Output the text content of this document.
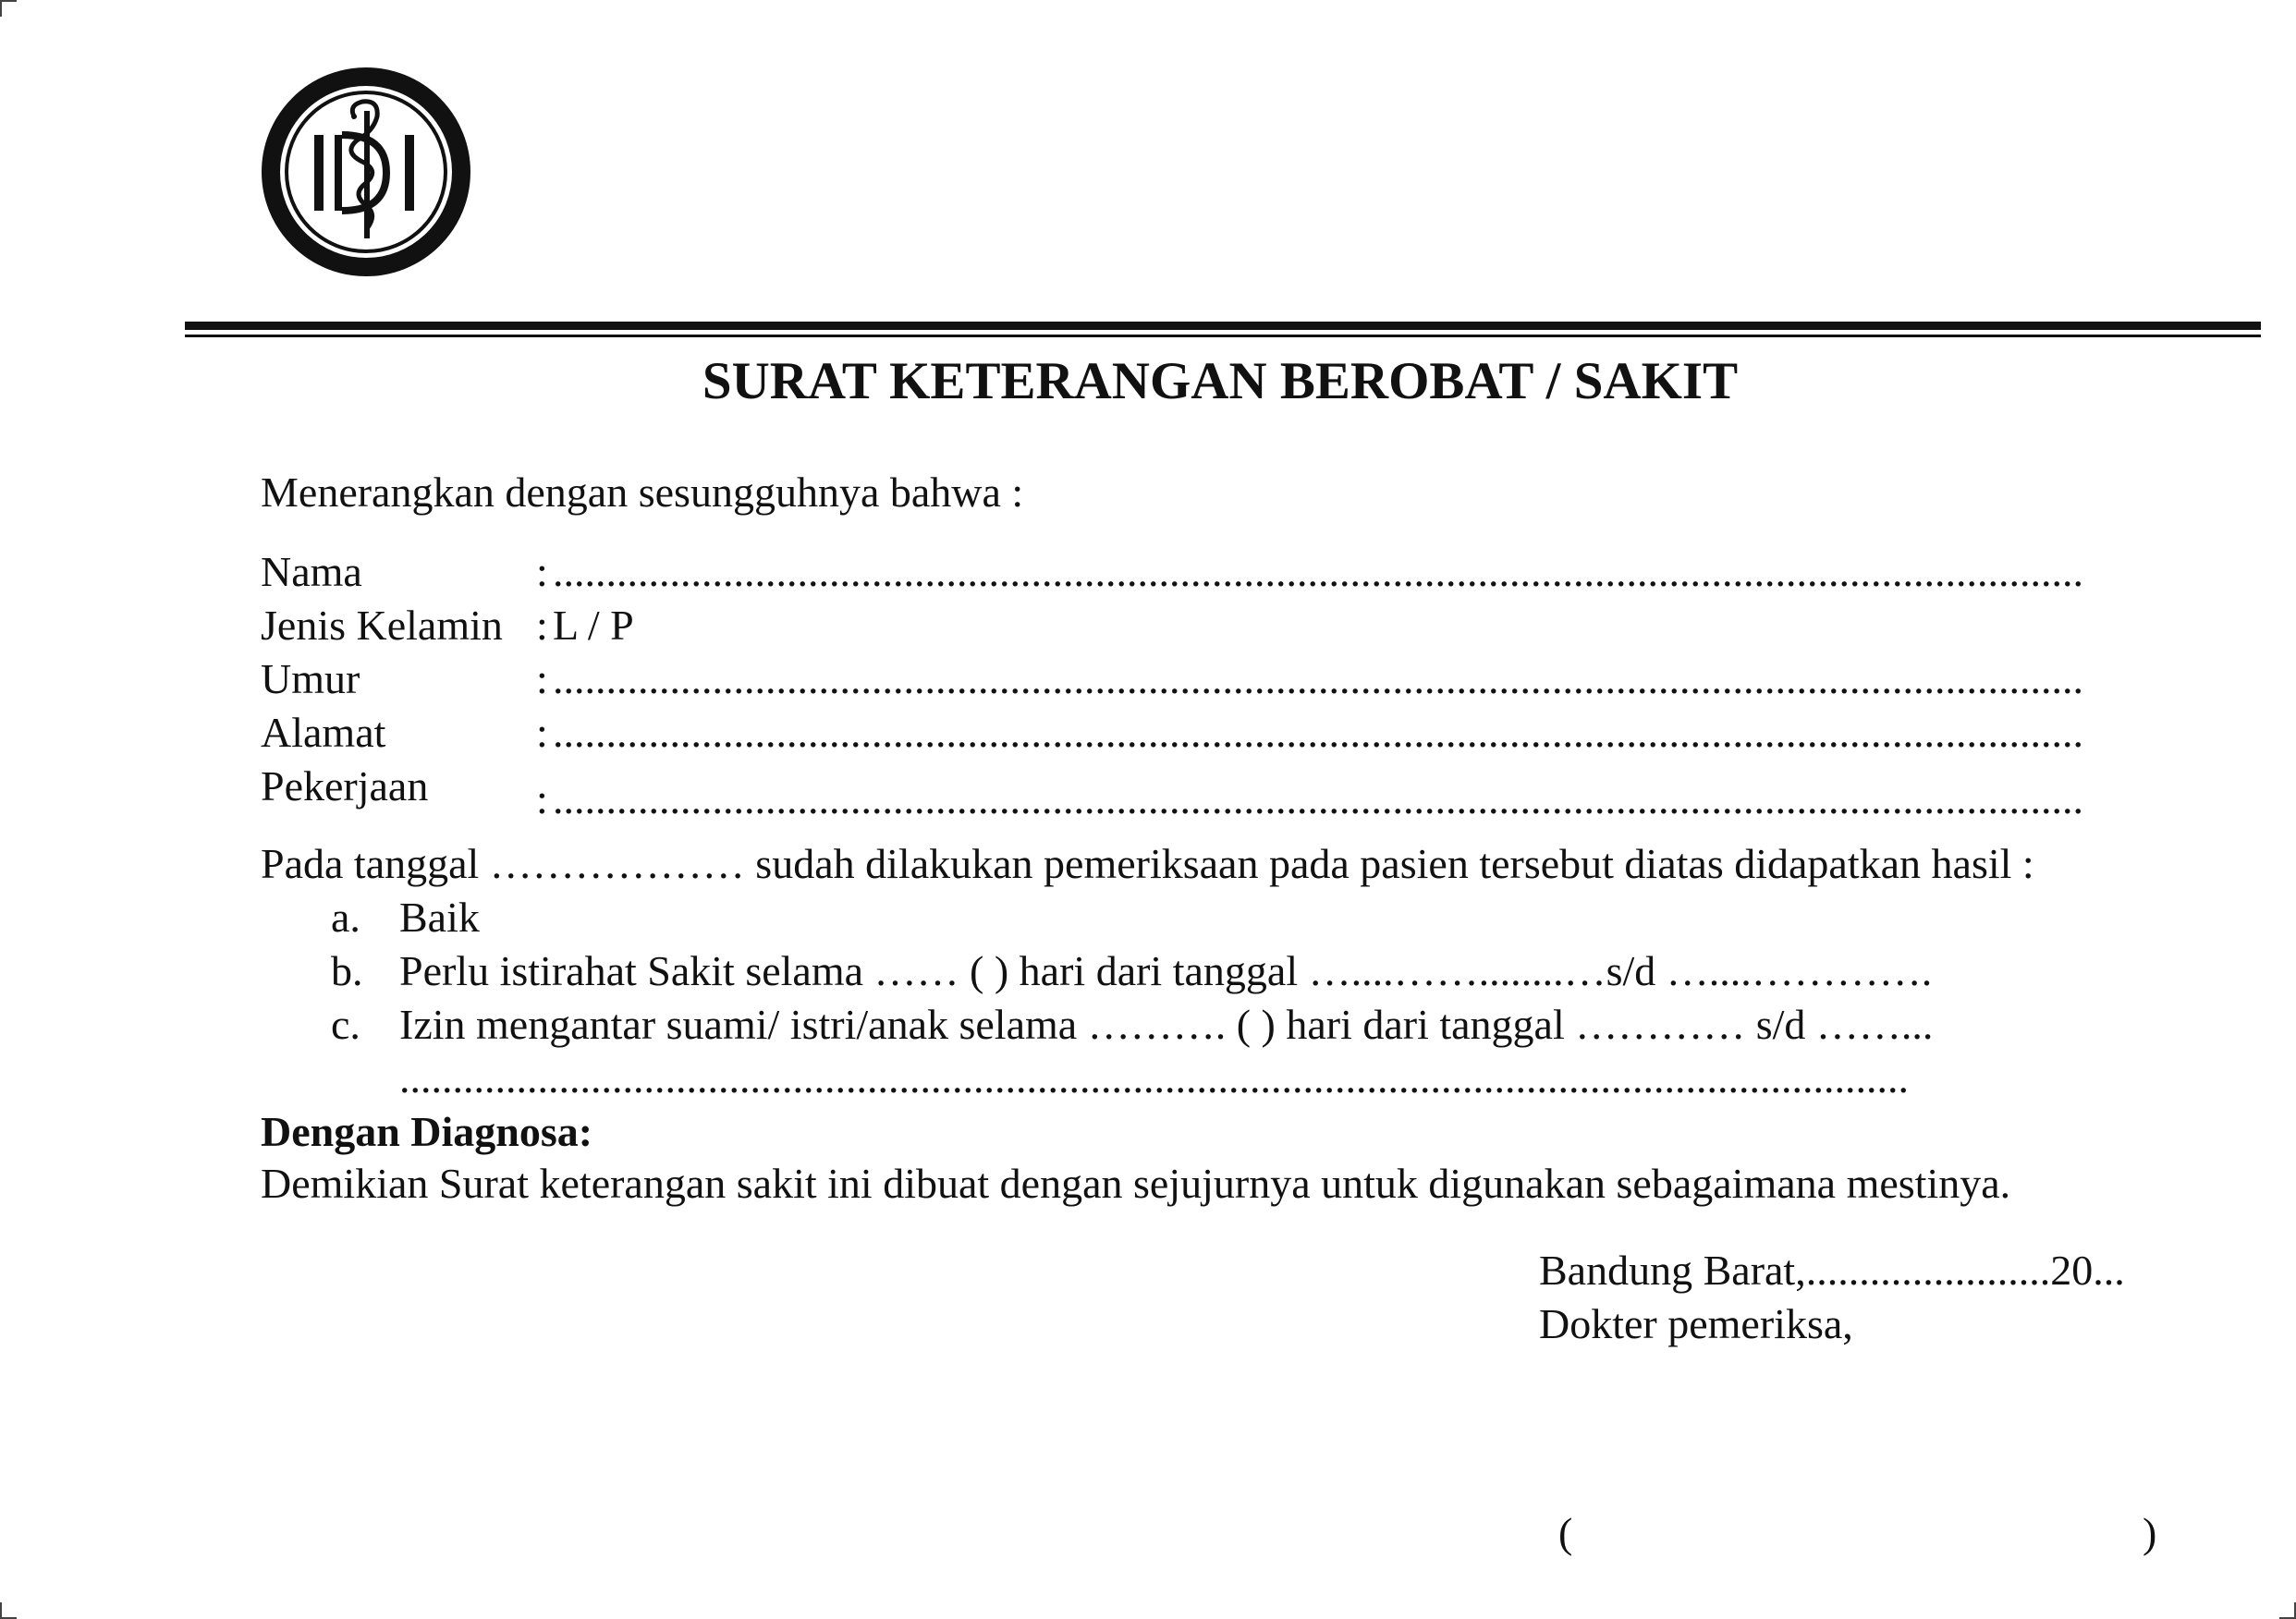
SURAT KETERANGAN BEROBAT / SAKIT
Menerangkan dengan sesungguhnya bahwa :
Nama	: ................................................................................................................................................
Jenis Kelamin : L / P
Umur	: ................................................................................................................................................
Alamat	: ................................................................................................................................................
Pekerjaan	: ................................................................................................................................................
Pada tanggal ……………… sudah dilakukan pemeriksaan pada pasien tersebut diatas didapatkan hasil :
a. Baik
b. Perlu istirahat Sakit selama …… ( ) hari dari tanggal …....……........…s/d …....………….
c. Izin mengantar suami/ istri/anak selama ………. ( ) hari dari tanggal ………… s/d ……...
..............................................................................................................................................
Dengan Diagnosa:
Demikian Surat keterangan sakit ini dibuat dengan sejujurnya untuk digunakan sebagaimana mestinya.
Bandung Barat,.......................20...
Dokter pemeriksa,
(	)
